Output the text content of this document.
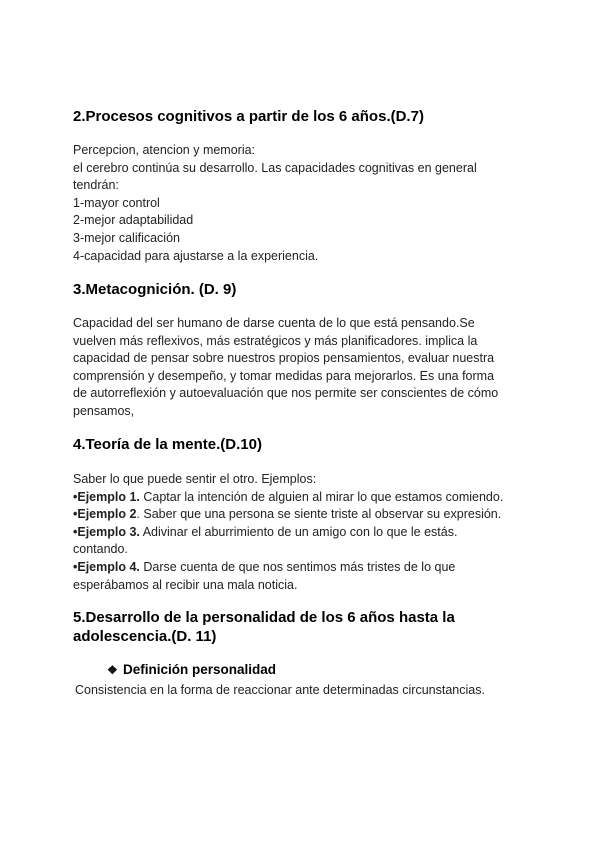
2.Procesos cognitivos a partir de los 6 años.(D.7)
Percepcion, atencion y memoria:
el cerebro continúa su desarrollo. Las capacidades cognitivas en general
tendrán:
1-mayor control
2-mejor adaptabilidad
3-mejor calificación
4-capacidad para ajustarse a la experiencia.
3.Metacognición. (D. 9)
Capacidad del ser humano de darse cuenta de lo que está pensando.Se
vuelven más reflexivos, más estratégicos y más planificadores. implica la
capacidad de pensar sobre nuestros propios pensamientos, evaluar nuestra
comprensión y desempeño, y tomar medidas para mejorarlos. Es una forma
de autorreflexión y autoevaluación que nos permite ser conscientes de cómo
pensamos,
4.Teoría de la mente.(D.10)
Saber lo que puede sentir el otro. Ejemplos:
•Ejemplo 1. Captar la intención de alguien al mirar lo que estamos comiendo.
•Ejemplo 2. Saber que una persona se siente triste al observar su expresión.
•Ejemplo 3. Adivinar el aburrimiento de un amigo con lo que le estás.
contando.
•Ejemplo 4. Darse cuenta de que nos sentimos más tristes de lo que
esperábamos al recibir una mala noticia.
5.Desarrollo de la personalidad de los 6 años hasta la
adolescencia.(D. 11)
❖ Definición personalidad
Consistencia en la forma de reaccionar ante determinadas circunstancias.
